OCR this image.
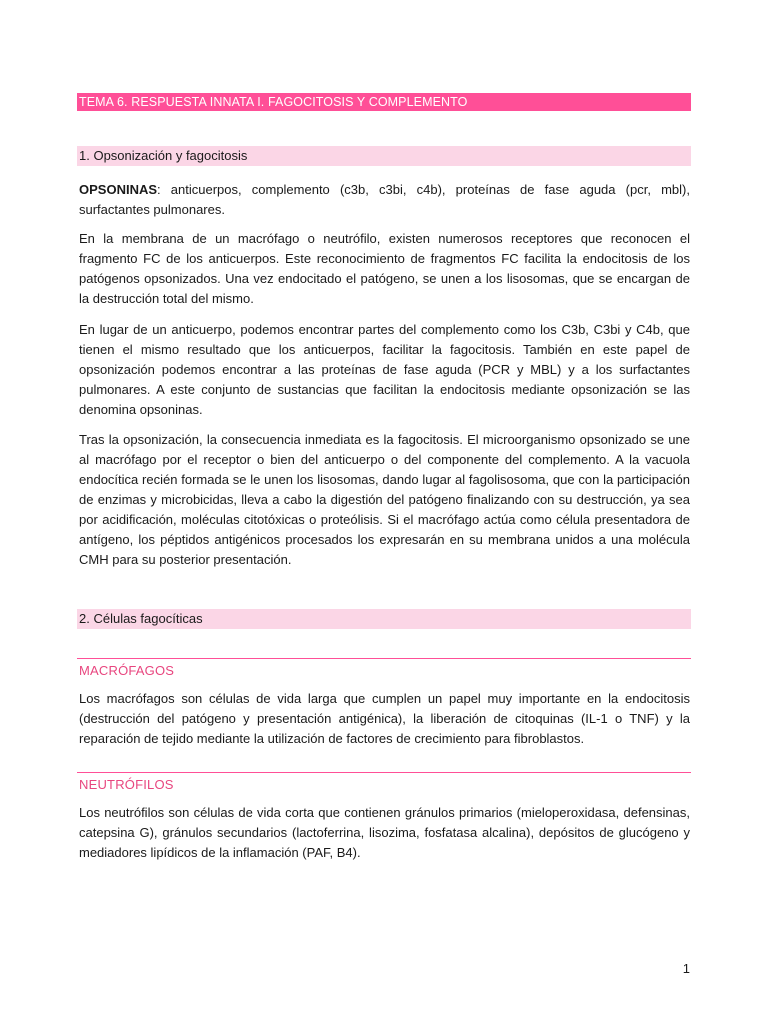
TEMA 6. RESPUESTA INNATA I. FAGOCITOSIS Y COMPLEMENTO
1. Opsonización y fagocitosis

OPSONINAS: anticuerpos, complemento (c3b, c3bi, c4b), proteínas de fase aguda (pcr, mbl), surfactantes pulmonares.

En la membrana de un macrófago o neutrófilo, existen numerosos receptores que reconocen el fragmento FC de los anticuerpos. Este reconocimiento de fragmentos FC facilita la endocitosis de los patógenos opsonizados. Una vez endocitado el patógeno, se unen a los lisosomas, que se encargan de la destrucción total del mismo.

En lugar de un anticuerpo, podemos encontrar partes del complemento como los C3b, C3bi y C4b, que tienen el mismo resultado que los anticuerpos, facilitar la fagocitosis. También en este papel de opsonización podemos encontrar a las proteínas de fase aguda (PCR y MBL) y a los surfactantes pulmonares. A este conjunto de sustancias que facilitan la endocitosis mediante opsonización se las denomina opsoninas.

Tras la opsonización, la consecuencia inmediata es la fagocitosis. El microorganismo opsonizado se une al macrófago por el receptor o bien del anticuerpo o del componente del complemento. A la vacuola endocítica recién formada se le unen los lisosomas, dando lugar al fagolisosoma, que con la participación de enzimas y microbicidas, lleva a cabo la digestión del patógeno finalizando con su destrucción, ya sea por acidificación, moléculas citotóxicas o proteólisis. Si el macrófago actúa como célula presentadora de antígeno, los péptidos antigénicos procesados los expresarán en su membrana unidos a una molécula CMH para su posterior presentación.

2. Células fagocíticas
MACRÓFAGOS

Los macrófagos son células de vida larga que cumplen un papel muy importante en la endocitosis (destrucción del patógeno y presentación antigénica), la liberación de citoquinas (IL-1 o TNF) y la reparación de tejido mediante la utilización de factores de crecimiento para fibroblastos.

NEUTRÓFILOS

Los neutrófilos son células de vida corta que contienen gránulos primarios (mieloperoxidasa, defensinas, catepsina G), gránulos secundarios (lactoferrina, lisozima, fosfatasa alcalina), depósitos de glucógeno y mediadores lipídicos de la inflamación (PAF, B4).

1
